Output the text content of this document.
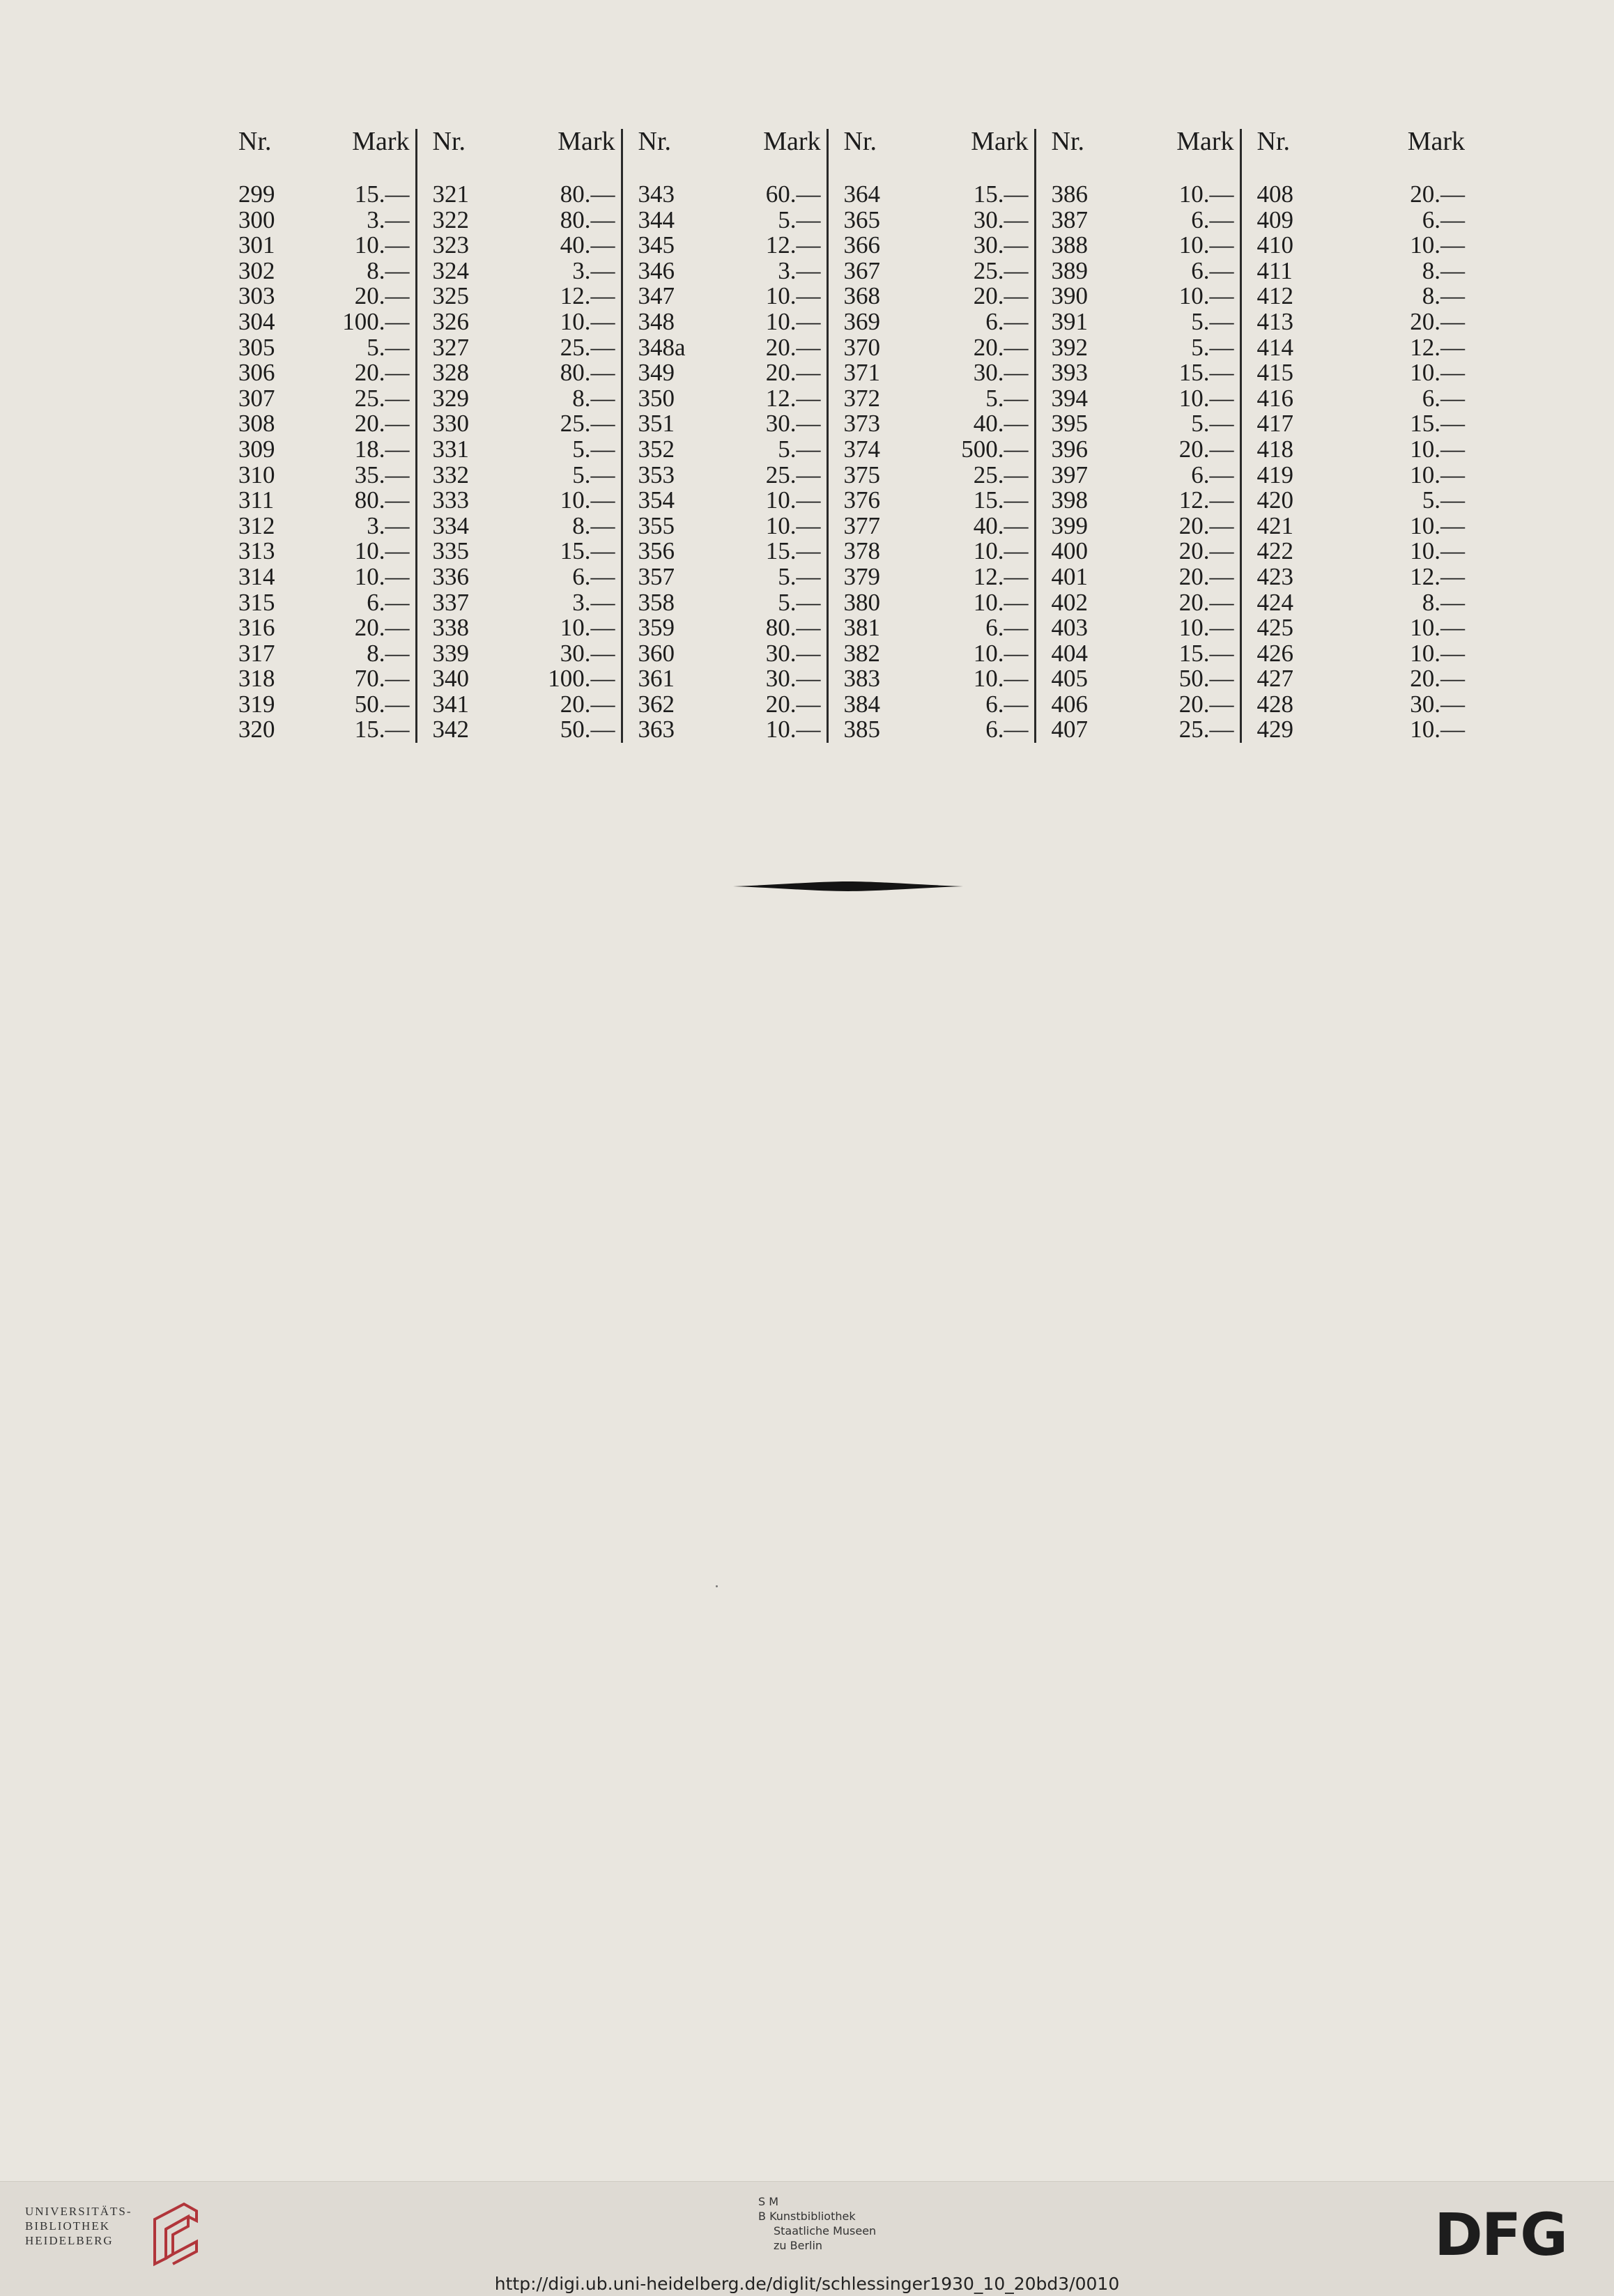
Nr.	Mark	Nr.	Mark	Nr.	Mark	Nr.	Mark	Nr.	Mark	Nr.	Mark

299	15.—	321	80.—	343	60.—	364	15.—	386	10.—	408	20.—
300	3.—	322	80.—	344	5.—	365	30.—	387	6.—	409	6.—
301	10.—	323	40.—	345	12.—	366	30.—	388	10.—	410	10.—
302	8.—	324	3.—	346	3.—	367	25.—	389	6.—	411	8.—
303	20.—	325	12.—	347	10.—	368	20.—	390	10.—	412	8.—
304	100.—	326	10.—	348	10.—	369	6.—	391	5.—	413	20.—
305	5.—	327	25.—	348a	20.—	370	20.—	392	5.—	414	12.—
306	20.—	328	80.—	349	20.—	371	30.—	393	15.—	415	10.—
307	25.—	329	8.—	350	12.—	372	5.—	394	10.—	416	6.—
308	20.—	330	25.—	351	30.—	373	40.—	395	5.—	417	15.—
309	18.—	331	5.—	352	5.—	374	500.—	396	20.—	418	10.—
310	35.—	332	5.—	353	25.—	375	25.—	397	6.—	419	10.—
311	80.—	333	10.—	354	10.—	376	15.—	398	12.—	420	5.—
312	3.—	334	8.—	355	10.—	377	40.—	399	20.—	421	10.—
313	10.—	335	15.—	356	15.—	378	10.—	400	20.—	422	10.—
314	10.—	336	6.—	357	5.—	379	12.—	401	20.—	423	12.—
315	6.—	337	3.—	358	5.—	380	10.—	402	20.—	424	8.—
316	20.—	338	10.—	359	80.—	381	6.—	403	10.—	425	10.—
317	8.—	339	30.—	360	30.—	382	10.—	404	15.—	426	10.—
318	70.—	340	100.—	361	30.—	383	10.—	405	50.—	427	20.—
319	50.—	341	20.—	362	20.—	384	6.—	406	20.—	428	30.—
320	15.—	342	50.—	363	10.—	385	6.—	407	25.—	429	10.—
UNIVERSITÄTS-
BIBLIOTHEK
HEIDELBERG
S M
B Kunstbibliothek
Staatliche Museen
zu Berlin	DFG
http://digi.ub.uni-heidelberg.de/diglit/schlessinger1930_10_20bd3/0010
